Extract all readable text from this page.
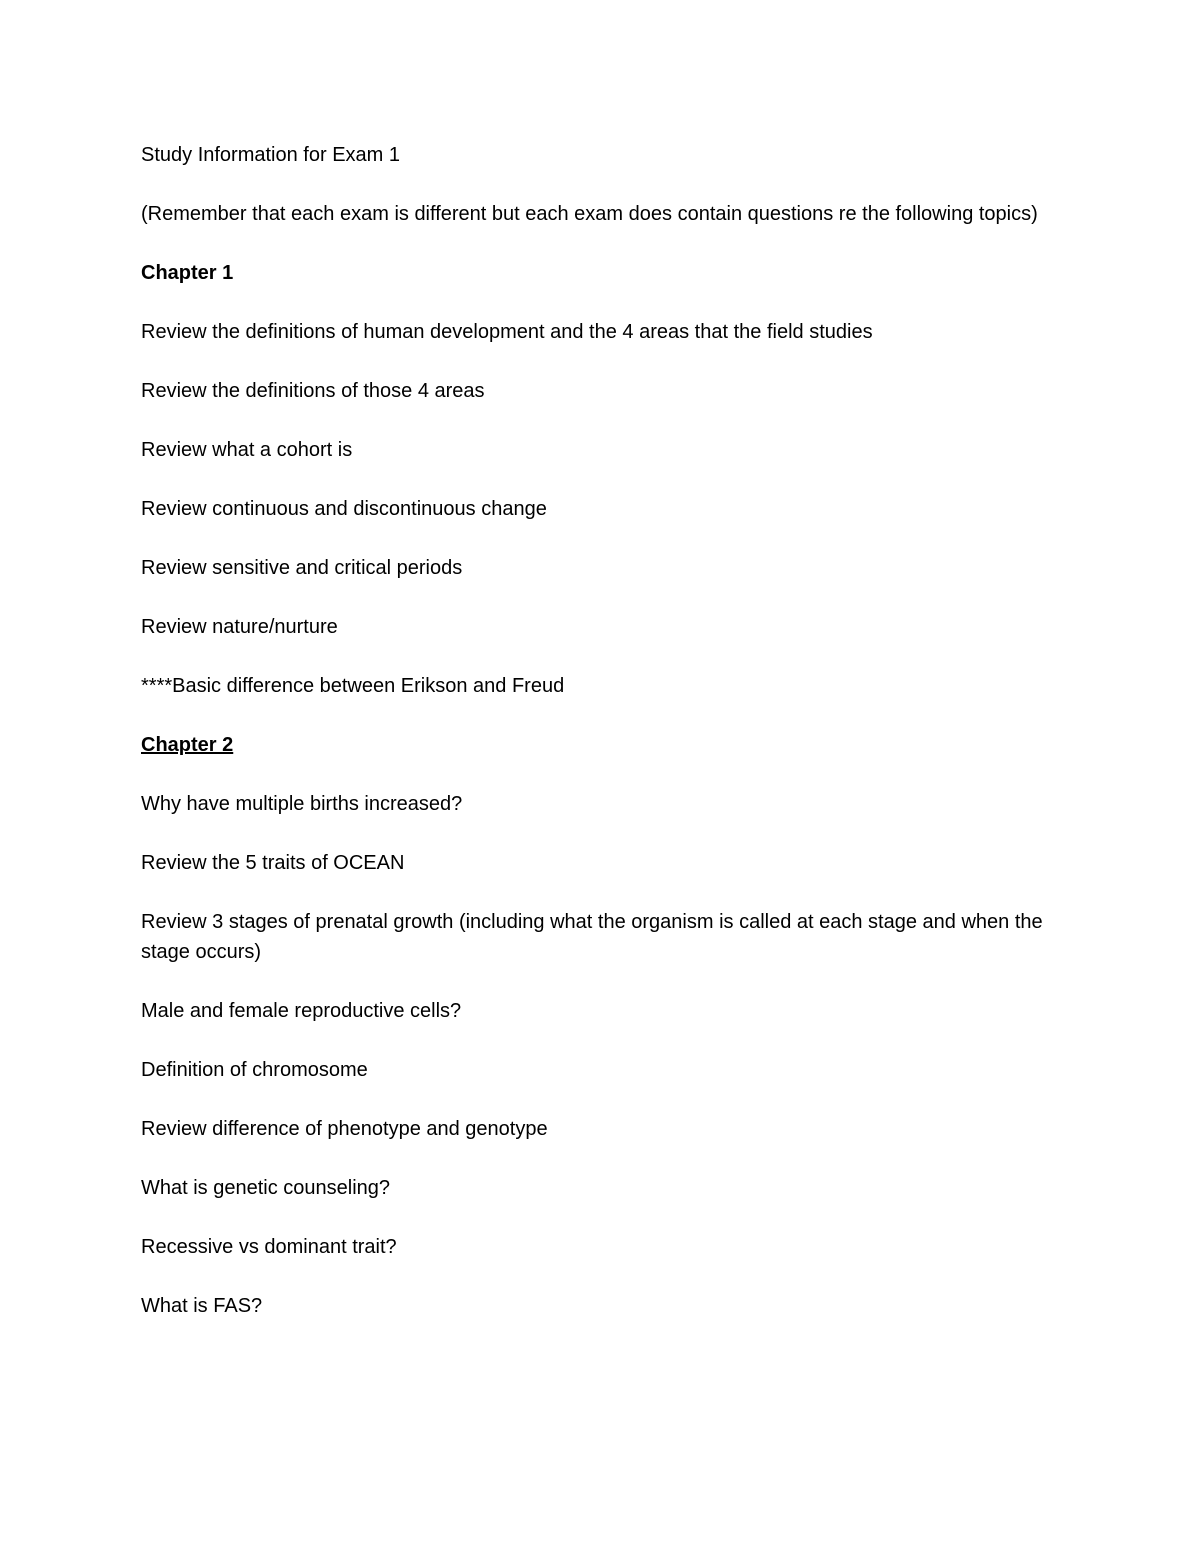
Study Information for Exam 1

(Remember that each exam is different but each exam does contain questions re the following topics)

Chapter 1

Review the definitions of human development and the 4 areas that the field studies

Review the definitions of those 4 areas

Review what a cohort is

Review continuous and discontinuous change

Review sensitive and critical periods

Review nature/nurture

****Basic difference between Erikson and Freud

Chapter 2

Why have multiple births increased?

Review the 5 traits of OCEAN

Review 3 stages of prenatal growth (including what the organism is called at each stage and when the stage occurs)

Male and female reproductive cells?

Definition of chromosome

Review difference of phenotype and genotype

What is genetic counseling?

Recessive vs dominant trait?

What is FAS?
